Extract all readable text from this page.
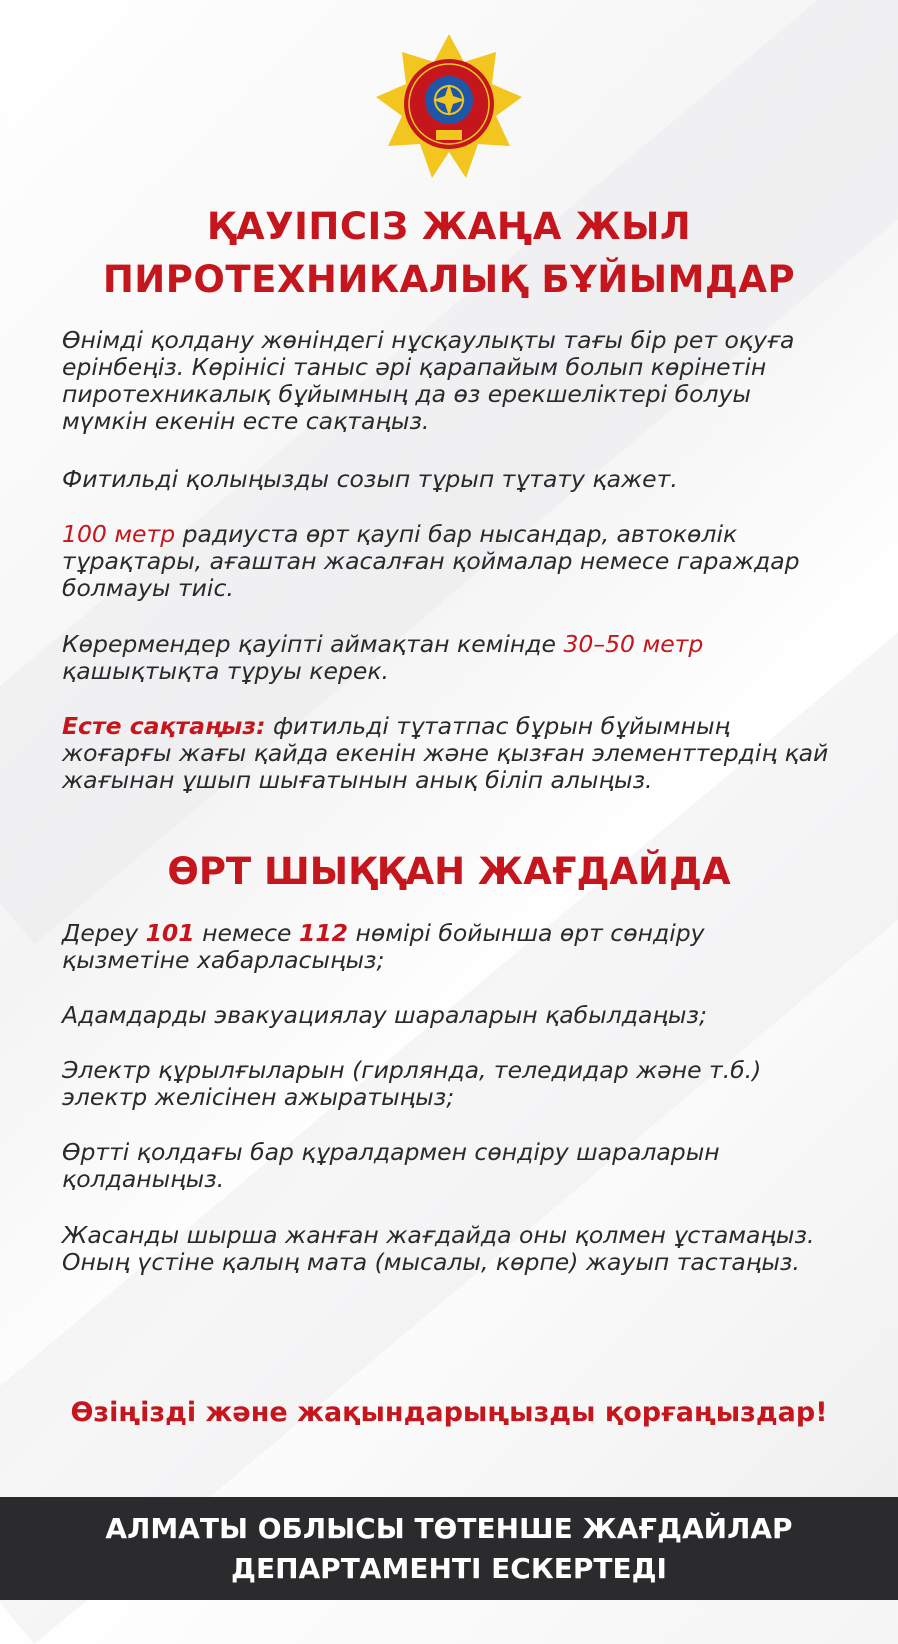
ҚАУІПСІЗ ЖАҢА ЖЫЛ
ПИРОТЕХНИКАЛЫҚ БҰЙЫМДАР
Өнімді қолдану жөніндегі нұсқаулықты тағы бір рет оқуға
ерінбеңіз. Көрінісі таныс әрі қарапайым болып көрінетін
пиротехникалық бұйымның да өз ерекшеліктері болуы
мүмкін екенін есте сақтаңыз.
Фитильді қолыңызды созып тұрып тұтату қажет.
100 метр радиуста өрт қаупі бар нысандар, автокөлік
тұрақтары, ағаштан жасалған қоймалар немесе гараждар
болмауы тиіс.
Көрермендер қауіпті аймақтан кемінде 30–50 метр
қашықтықта тұруы керек.
Есте сақтаңыз: фитильді тұтатпас бұрын бұйымның
жоғарғы жағы қайда екенін және қызған элементтердің қай
жағынан ұшып шығатынын анық біліп алыңыз.
ӨРТ ШЫҚҚАН ЖАҒДАЙДА
Дереу 101 немесе 112 нөмірі бойынша өрт сөндіру
қызметіне хабарласыңыз;
Адамдарды эвакуациялау шараларын қабылдаңыз;
Электр құрылғыларын (гирлянда, теледидар және т.б.)
электр желісінен ажыратыңыз;
Өртті қолдағы бар құралдармен сөндіру шараларын
қолданыңыз.
Жасанды шырша жанған жағдайда оны қолмен ұстамаңыз.
Оның үстіне қалың мата (мысалы, көрпе) жауып тастаңыз.
Өзіңізді және жақындарыңызды қорғаңыздар!
АЛМАТЫ ОБЛЫСЫ ТӨТЕНШЕ ЖАҒДАЙЛАР
ДЕПАРТАМЕНТІ ЕСКЕРТЕДІ
